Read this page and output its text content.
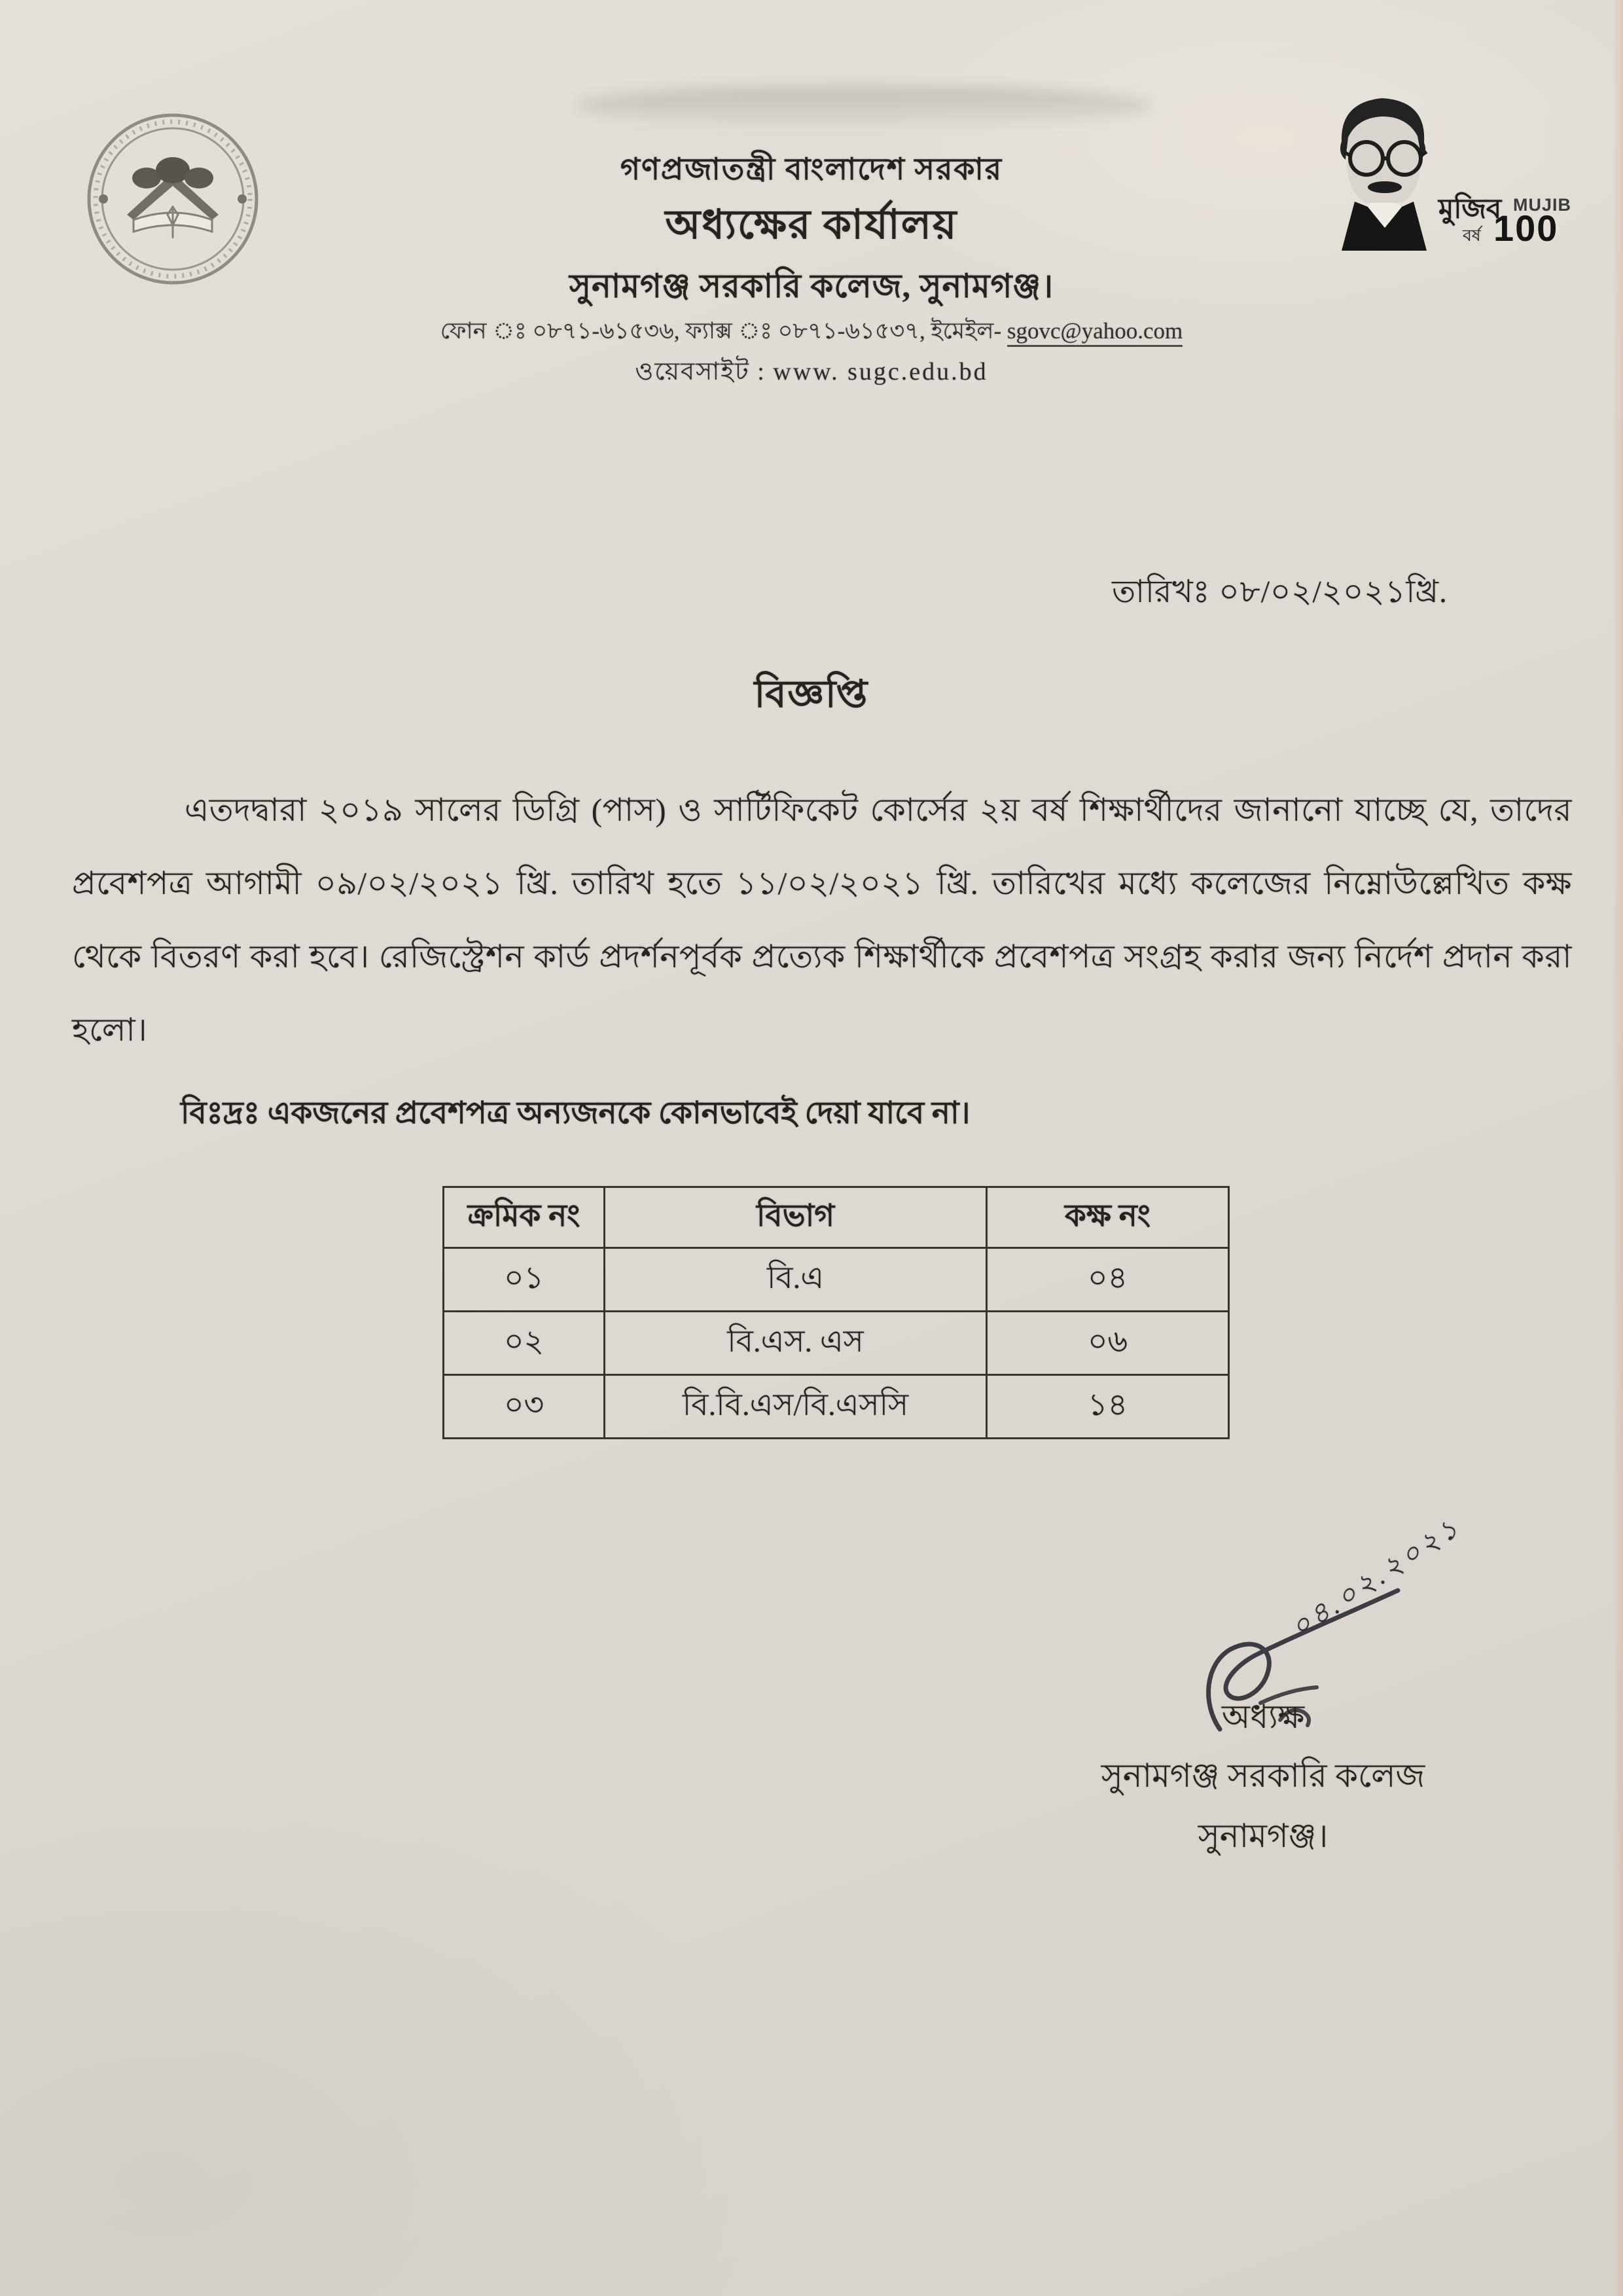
গণপ্রজাতন্ত্রী বাংলাদেশ সরকার
অধ্যক্ষের কার্যালয়
সুনামগঞ্জ সরকারি কলেজ, সুনামগঞ্জ।
ফোন ঃ ০৮৭১-৬১৫৩৬, ফ্যাক্স ঃ ০৮৭১-৬১৫৩৭, ইমেইল- sgovc@yahoo.com
ওয়েবসাইট : www. sugc.edu.bd
মুজিব MUJIB
বর্ষ 100
তারিখঃ ০৮/০২/২০২১খ্রি.
বিজ্ঞপ্তি
এতদদ্বারা ২০১৯ সালের ডিগ্রি (পাস) ও সার্টিফিকেট কোর্সের ২য় বর্ষ শিক্ষার্থীদের জানানো যাচ্ছে যে, তাদের প্রবেশপত্র আগামী ০৯/০২/২০২১ খ্রি. তারিখ হতে ১১/০২/২০২১ খ্রি. তারিখের মধ্যে কলেজের নিম্নোউল্লেখিত কক্ষ থেকে বিতরণ করা হবে। রেজিস্ট্রেশন কার্ড প্রদর্শনপূর্বক প্রত্যেক শিক্ষার্থীকে প্রবেশপত্র সংগ্রহ করার জন্য নির্দেশ প্রদান করা হলো।
বিঃদ্রঃ একজনের প্রবেশপত্র অন্যজনকে কোনভাবেই দেয়া যাবে না।
ক্রমিক নং	বিভাগ	কক্ষ নং
০১	বি.এ	০৪
০২	বি.এস. এস	০৬
০৩	বি.বি.এস/বি.এসসি	১৪
০৪.০২.২০২১
অধ্যক্ষ
সুনামগঞ্জ সরকারি কলেজ
সুনামগঞ্জ।
